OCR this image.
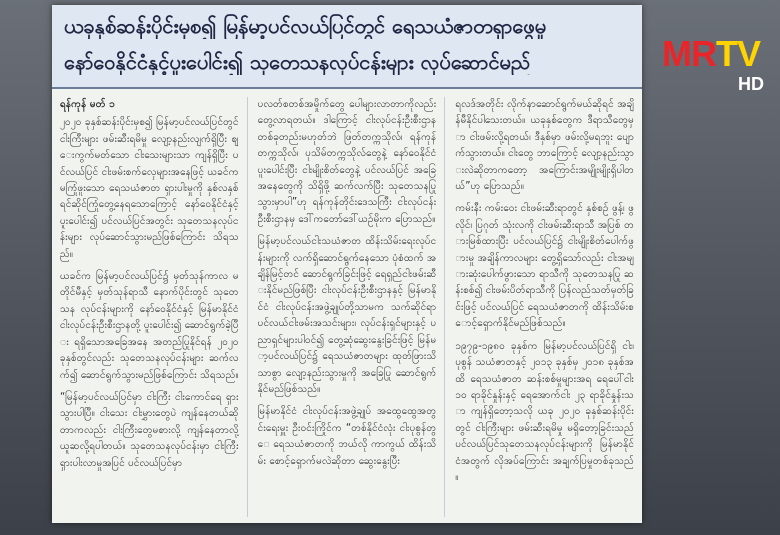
ယခုနှစ်ဆန်းပိုင်းမှစ၍ မြန်မာ့ပင်လယ်ပြင်တွင် ရေသယံဇာတရှာဖွေမှု
နော်ဝေနိုင်ငံနှင့်ပူးပေါင်း၍ သုတေသနလုပ်ငန်းများ လုပ်ဆောင်မည်

ရန်ကုန် မတ် ၁

၂၀၂၀ ခုနှစ်ဆန်းပိုင်းမှစ၍ မြန်မာ့ပင်လယ်ပြင်တွင် ငါးကြီးများ ဖမ်းဆီးရမိမှု လျော့နည်းလျက်ရှိပြီး ဈေးကွက်မတ်သော ငါးသေးများသာ ကျန်ရှိပြီး ပင်လယ်ပြင် ငါးဖမ်းစက်လှေများအနေဖြင့် ယခင်က မကြုံဖူးသော ရေသယံဇာတ ရှားပါးမှုကို နှစ်လနှစ်ရင်ဆိုင်ကြုံတွေ့နေရသောကြောင့် နော်ဝေနိုင်ငံနှင့် ပူးပေါင်း၍ ပင်လယ်ပြင်အတွင်း သုတေသနလုပ်ငန်းများ လုပ်ဆောင်သွားမည်ဖြစ်ကြောင်း သိရသည်။

ယခင်က မြန်မာ့ပင်လယ်ပြင်၌ မှတ်သုန်ကာလ မတိုင်မီနှင့် မှတ်သုန်ရာသီ နောက်ပိုင်းတွင် သုတေသန လုပ်ငန်းများကို နော်ဝေနိုင်ငံနှင့် မြန်မာနိုင်ငံ ငါးလုပ်ငန်းဦးစီးဌာနတို့ ပူးပေါင်း၍ ဆောင်ရွက်ခဲ့ပြီး ရရှိသောအခြေအနေ အတည်ပြုနိုင်ရန် ၂၀၂၀ ခုနှစ်တွင်လည်း သုတေသနလုပ်ငန်းများ ဆက်လက်၍ ဆောင်ရွက်သွားမည်ဖြစ်ကြောင်း သိရသည်။

“မြန်မာ့ပင်လယ်ပြင်မှာ ငါးကြီး ငါးကောင်ရေ ရှားသွားပါပြီ။ ငါးသေး ငါးမွှားတွေပဲ ကျန်နေတယ်ဆိုတာကလည်း ငါးကြီးတွေမစားလို့ ကျန်နေတာလို့ ယူဆလို့ရပါတယ်။ သုတေသနလုပ်ငန်းမှာ ငါးကြီး ရှားပါးလာမှုအပြင် ပင်လယ်ပြင်မှာ

ပလတ်စတစ်အမှိုက်တွေ ပေါများလာတာကိုလည်း တွေ့လာရတယ်။ ဒါကြောင့် ငါးလုပ်ငန်းဦးစီးဌာနတစ်ခုတည်းမဟုတ်ဘဲ ဖြတ်တက္ကသိုလ်၊ ရန်ကုန်တက္ကသိုလ်၊ ပုသိမ်တက္ကသိုလ်တွေနဲ့ နော်ဝေနိုင်ငံ ပူးပေါင်းပြီး ငါးမျိုးစိတ်တွေနဲ့ ပင်လယ်ပြင် အခြေအနေတွေကို သိရှိဖို့ ဆက်လက်ပြီး သုတေသနပြုသွားမှာပါ”ဟု ရန်ကုန်တိုင်းဒေသကြီး ငါးလုပ်ငန်းဦးစီးဌာနမှ ဒေါ်ကတော်ဒေါ်ယဉ်မိုးက ပြောသည်။

မြန်မာ့ပင်လယ်ငါးသယံဇာတ ထိန်းသိမ်းရေးလုပ်ငန်းများကို လက်ရှိဆောင်ရွက်နေသော ပုံစံထက် အချိန်မြင့်တင် ဆောင်ရွက်ခြင်းဖြင့် ရေရှည်ငါးဖမ်းဆီးနိုင်မည်ဖြစ်ပြီး ငါးလုပ်ငန်းဦးစီးဌာနနှင့် မြန်မာနိုင်ငံ ငါးလုပ်ငန်းအဖွဲ့ချုပ်တို့သာမက သက်ဆိုင်ရာ ပင်လယ်ငါးဖမ်းအသင်းများ၊ လုပ်ငန်းရှင်များနှင့် ပညာရှင်များပါဝင်၍ တွေ့ဆုံဆွေးနွေးခြင်းဖြင့် မြန်မာ့ပင်လယ်ပြင်၌ ရေသယံဇာတများ ထုတ်ဖြားသိသာစွာ လျော့နည်းသွားမှုကို အခြေပြု ဆောင်ရွက်နိုင်မည်ဖြစ်သည်။

မြန်မာနိုင်ငံ ငါးလုပ်ငန်းအဖွဲ့ချုပ် အထွေထွေအတွင်းရေးမှူး ဦးဝင်းကြိုင်က “တစ်နိုင်ငံလုံး ငါးပုစွန်တွေ ရေသယံဇာတကို ဘယ်လို ကာကွယ် ထိန်းသိမ်း စောင့်ရှောက်မလဲဆိုတာ ဆွေးနွေးပြီး

ရလဒ်အတိုင်း လိုက်နာဆောင်ရွက်မယ်ဆိုရင် အချိန်မီနိုင်ပါသေးတယ်။ ယခုနှစ်တွေက ဒီရာသီတွေမှာ ငါးဖမ်းလို့ရတယ်၊ ဒီနှစ်မှာ ဖမ်းလို့မရဘူး ပျောက်သွားတယ်။ ငါးတွေ ဘာကြောင့် လျော့နည်းသွားလဲဆိုတာကတော့ အကြောင်းအမျိုးမျိုးရှိပါတယ်”ဟု ပြောသည်။

ကမ်းနီး ကမ်းဝေး ငါးဖမ်းဆီးရာတွင် နှစ်စဉ် ဖွန့်၊ ဖွလိုင်၊ ပြဂုတ် သုံးလကို ငါးဖမ်းဆီးရာသီ အပြစ် တားမြစ်ထားပြီး ပင်လယ်ပြင်၌ ငါးမျိုးစိတ်ပေါက်ဖွားမှု အချိန်ကာလများ တွေ့ရှိသော်လည်း ငါးအများဆုံးပေါက်ဖွားသော ရာသီကို သုတေသနပြု ဆန်းစစ်၍ ငါးဖမ်းပိတ်ရာသီကို ပြန်လည်သတ်မှတ်ခြင်းဖြင့် ပင်လယ်ပြင် ရေသယံဇာတကို ထိန်းသိမ်းစောင့်ရှောက်နိုင်မည်ဖြစ်သည်။

၁၉၇၉-၁၉၈၀ ခုနှစ်က မြန်မာ့ပင်လယ်ပြင်ရှိ ငါး၊ ပုစွန် သယံဇာတနှင့် ၂၀၁၃ ခုနှစ်မှ ၂၀၁၈ ခုနှစ်အထိ ရေသယံဇာတ ဆန်းစစ်မှုများအရ ရေပေါ်ငါး ၁၀ ရာခိုင်နှုန်းနှင့် ရေအောက်ငါး ၂၃ ရာခိုင်နှုန်းသာ ကျန်ရှိတော့သလို ယခု ၂၀၂၀ ခုနှစ်ဆန်းပိုင်းတွင် ငါးကြီးများ ဖမ်းဆီးရမိမှု မရှိတော့ခြင်းသည် ပင်လယ်ပြင်သုတေသနလုပ်ငန်းများကို မြန်မာနိုင်ငံအတွက် လိုအပ်ကြောင်း အချက်ပြမှုတစ်ခုသည်။

MRTV
HD
